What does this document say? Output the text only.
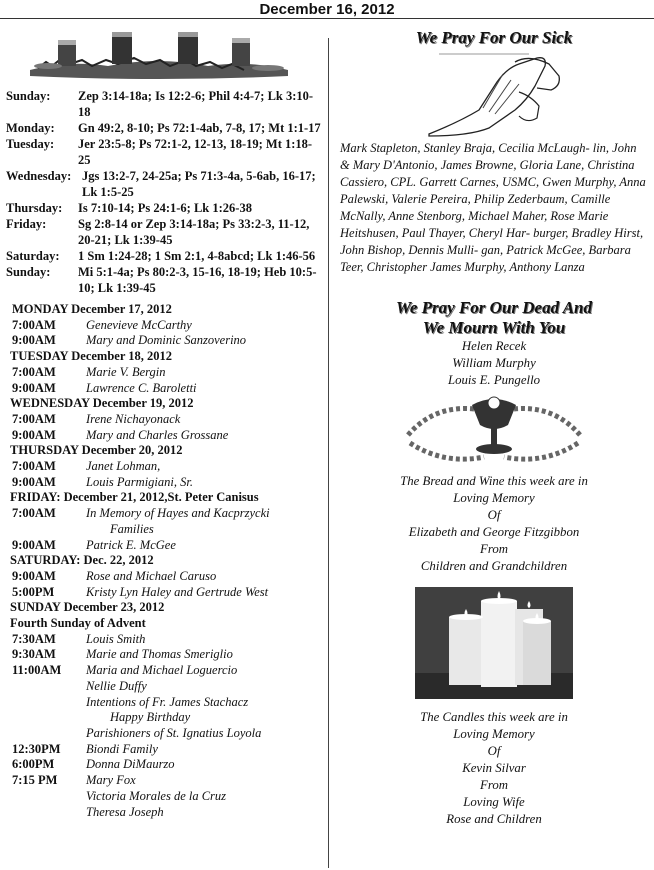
December 16, 2012
Sunday:	Zep 3:14-18a; Is 12:2-6; Phil 4:4-7; Lk 3:10-18
Monday:	Gn 49:2, 8-10; Ps 72:1-4ab, 7-8, 17; Mt 1:1-17
Tuesday:	Jer 23:5-8; Ps 72:1-2, 12-13, 18-19; Mt 1:18-25
Wednesday: Jgs 13:2-7, 24-25a; Ps 71:3-4a, 5-6ab, 16-17; Lk 1:5-25
Thursday:	Is 7:10-14; Ps 24:1-6; Lk 1:26-38
Friday:	Sg 2:8-14 or Zep 3:14-18a; Ps 33:2-3, 11-12, 20-21; Lk 1:39-45
Saturday:	1 Sm 1:24-28; 1 Sm 2:1, 4-8abcd; Lk 1:46-56
Sunday:	Mi 5:1-4a; Ps 80:2-3, 15-16, 18-19; Heb 10:5-10; Lk 1:39-45
MONDAY December 17, 2012
7:00AM	Genevieve McCarthy
9:00AM	Mary and Dominic Sanzoverino
TUESDAY December 18, 2012
7:00AM	Marie V. Bergin
9:00AM	Lawrence C. Baroletti
WEDNESDAY December 19, 2012
7:00AM	Irene Nichayonack
9:00AM	Mary and Charles Grossane
THURSDAY December 20, 2012
7:00AM	Janet Lohman,
9:00AM	Louis Parmigiani, Sr.
FRIDAY: December 21, 2012,St. Peter Canisus
7:00AM	In Memory of Hayes and Kacprzycki
Families
9:00AM	Patrick E. McGee
SATURDAY: Dec. 22, 2012
9:00AM	Rose and Michael Caruso
5:00PM	Kristy Lyn Haley and Gertrude West
SUNDAY December 23, 2012
Fourth Sunday of Advent
7:30AM	Louis Smith
9:30AM	Marie and Thomas Smeriglio
11:00AM	Maria and Michael Loguercio
Nellie Duffy
Intentions of Fr. James Stachacz
Happy Birthday
Parishioners of St. Ignatius Loyola
12:30PM	Biondi Family
6:00PM	Donna DiMaurzo
7:15 PM	Mary Fox
Victoria Morales de la Cruz
Theresa Joseph
We Pray For Our Sick
Mark Stapleton, Stanley Braja, Cecilia McLaugh- lin, John & Mary D'Antonio, James Browne, Gloria Lane, Christina Cassiero, CPL. Garrett Carnes, USMC, Gwen Murphy, Anna Palewski, Valerie Pereira, Philip Zederbaum, Camille McNally, Anne Stenborg, Michael Maher, Rose Marie Heitshusen, Paul Thayer, Cheryl Har- burger, Bradley Hirst, John Bishop, Dennis Mulli- gan, Patrick McGee, Barbara Teer, Christopher James Murphy, Anthony Lanza
We Pray For Our Dead And
We Mourn With You
Helen Recek
William Murphy
Louis E. Pungello
The Bread and Wine this week are in
Loving Memory
Of
Elizabeth and George Fitzgibbon
From
Children and Grandchildren
The Candles this week are in
Loving Memory
Of
Kevin Silvar
From
Loving Wife
Rose and Children
